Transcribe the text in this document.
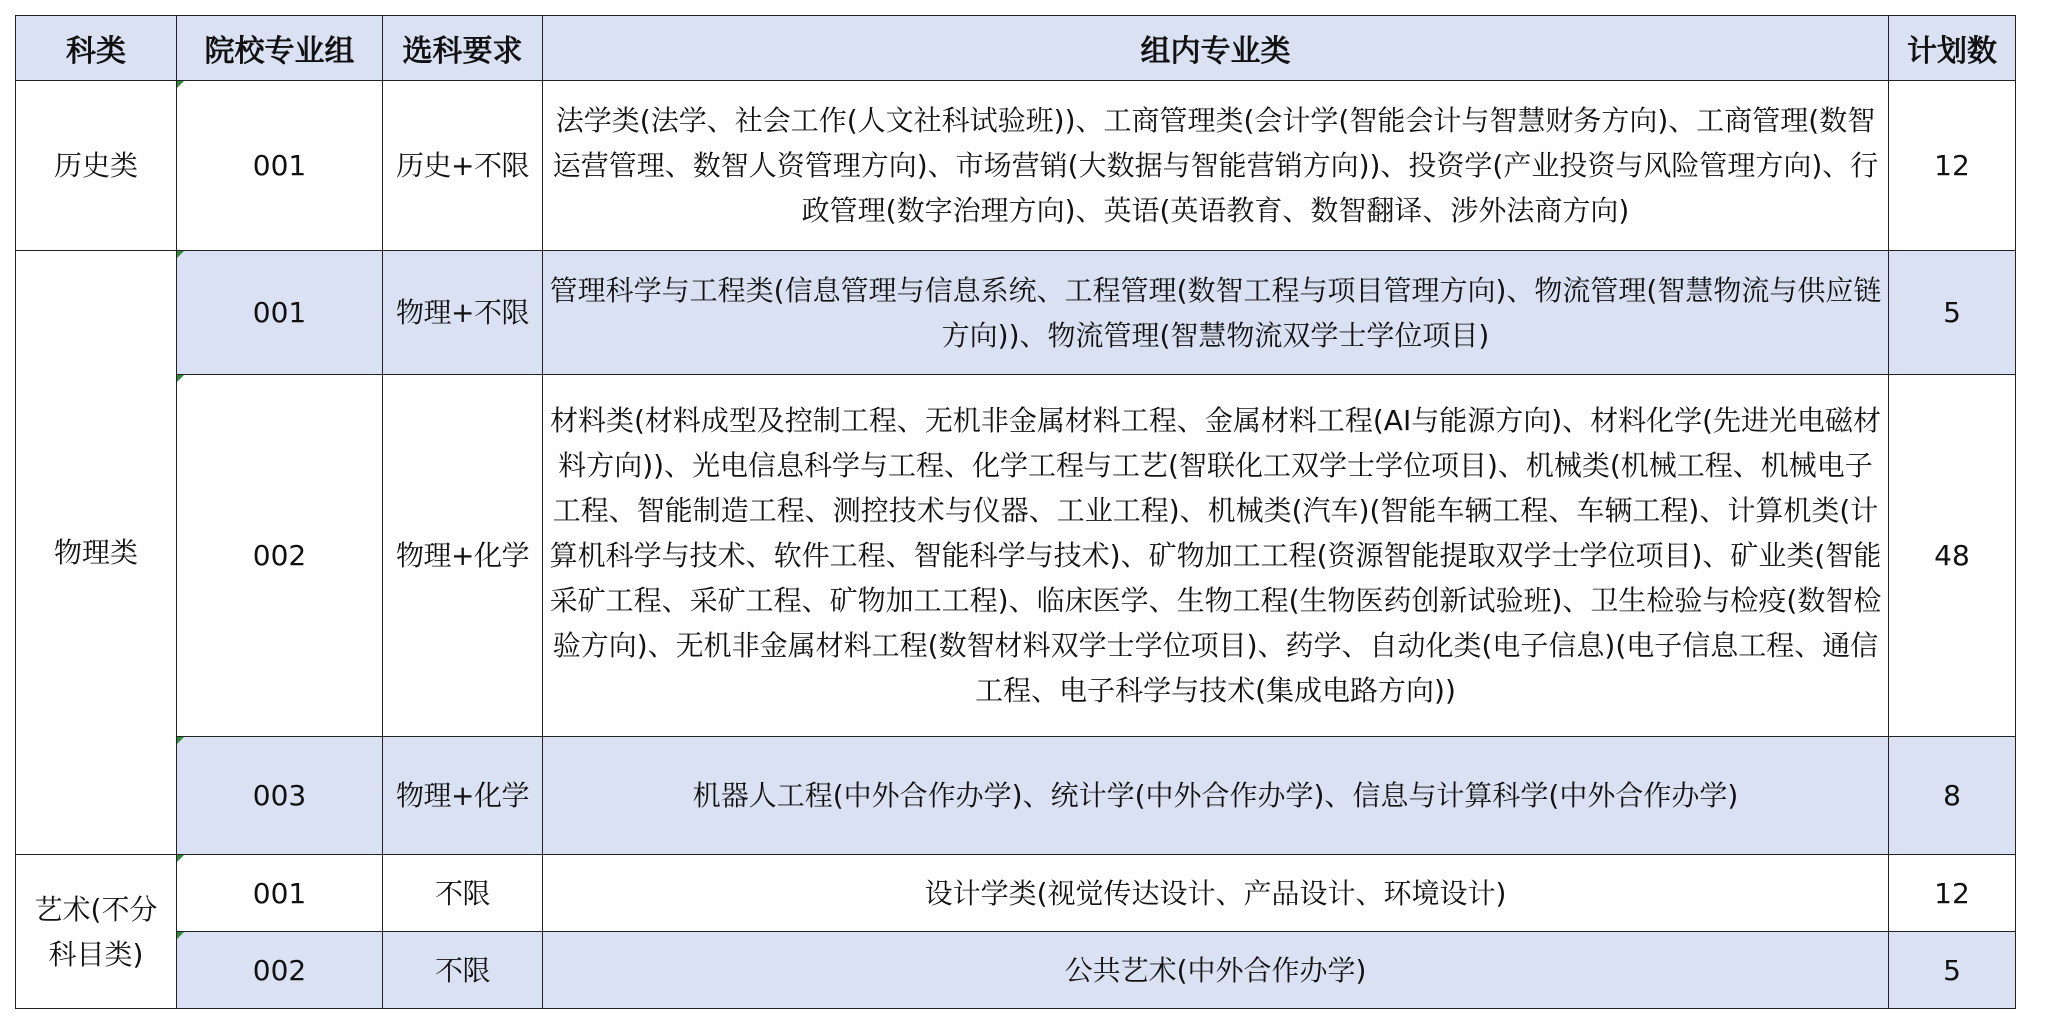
科类	院校专业组	选科要求	组内专业类	计划数
历史类	001	历史+不限	法学类(法学、社会工作(人文社科试验班))、工商管理类(会计学(智能会计与智慧财务方向)、工商管理(数智运营管理、数智人资管理方向)、市场营销(大数据与智能营销方向))、投资学(产业投资与风险管理方向)、行政管理(数字治理方向)、英语(英语教育、数智翻译、涉外法商方向)	12
物理类	001	物理+不限	管理科学与工程类(信息管理与信息系统、工程管理(数智工程与项目管理方向)、物流管理(智慧物流与供应链方向))、物流管理(智慧物流双学士学位项目)	5

002	物理+化学	材料类(材料成型及控制工程、无机非金属材料工程、金属材料工程(AI与能源方向)、材料化学(先进光电磁材料方向))、光电信息科学与工程、化学工程与工艺(智联化工双学士学位项目)、机械类(机械工程、机械电子工程、智能制造工程、测控技术与仪器、工业工程)、机械类(汽车)(智能车辆工程、车辆工程)、计算机类(计算机科学与技术、软件工程、智能科学与技术)、矿物加工工程(资源智能提取双学士学位项目)、矿业类(智能采矿工程、采矿工程、矿物加工工程)、临床医学、生物工程(生物医药创新试验班)、卫生检验与检疫(数智检验方向)、无机非金属材料工程(数智材料双学士学位项目)、药学、自动化类(电子信息)(电子信息工程、通信工程、电子科学与技术(集成电路方向))	48

003	物理+化学	机器人工程(中外合作办学)、统计学(中外合作办学)、信息与计算科学(中外合作办学)	8
艺术(不分科目类)	001	不限	设计学类(视觉传达设计、产品设计、环境设计)	12

002	不限	公共艺术(中外合作办学)	5
